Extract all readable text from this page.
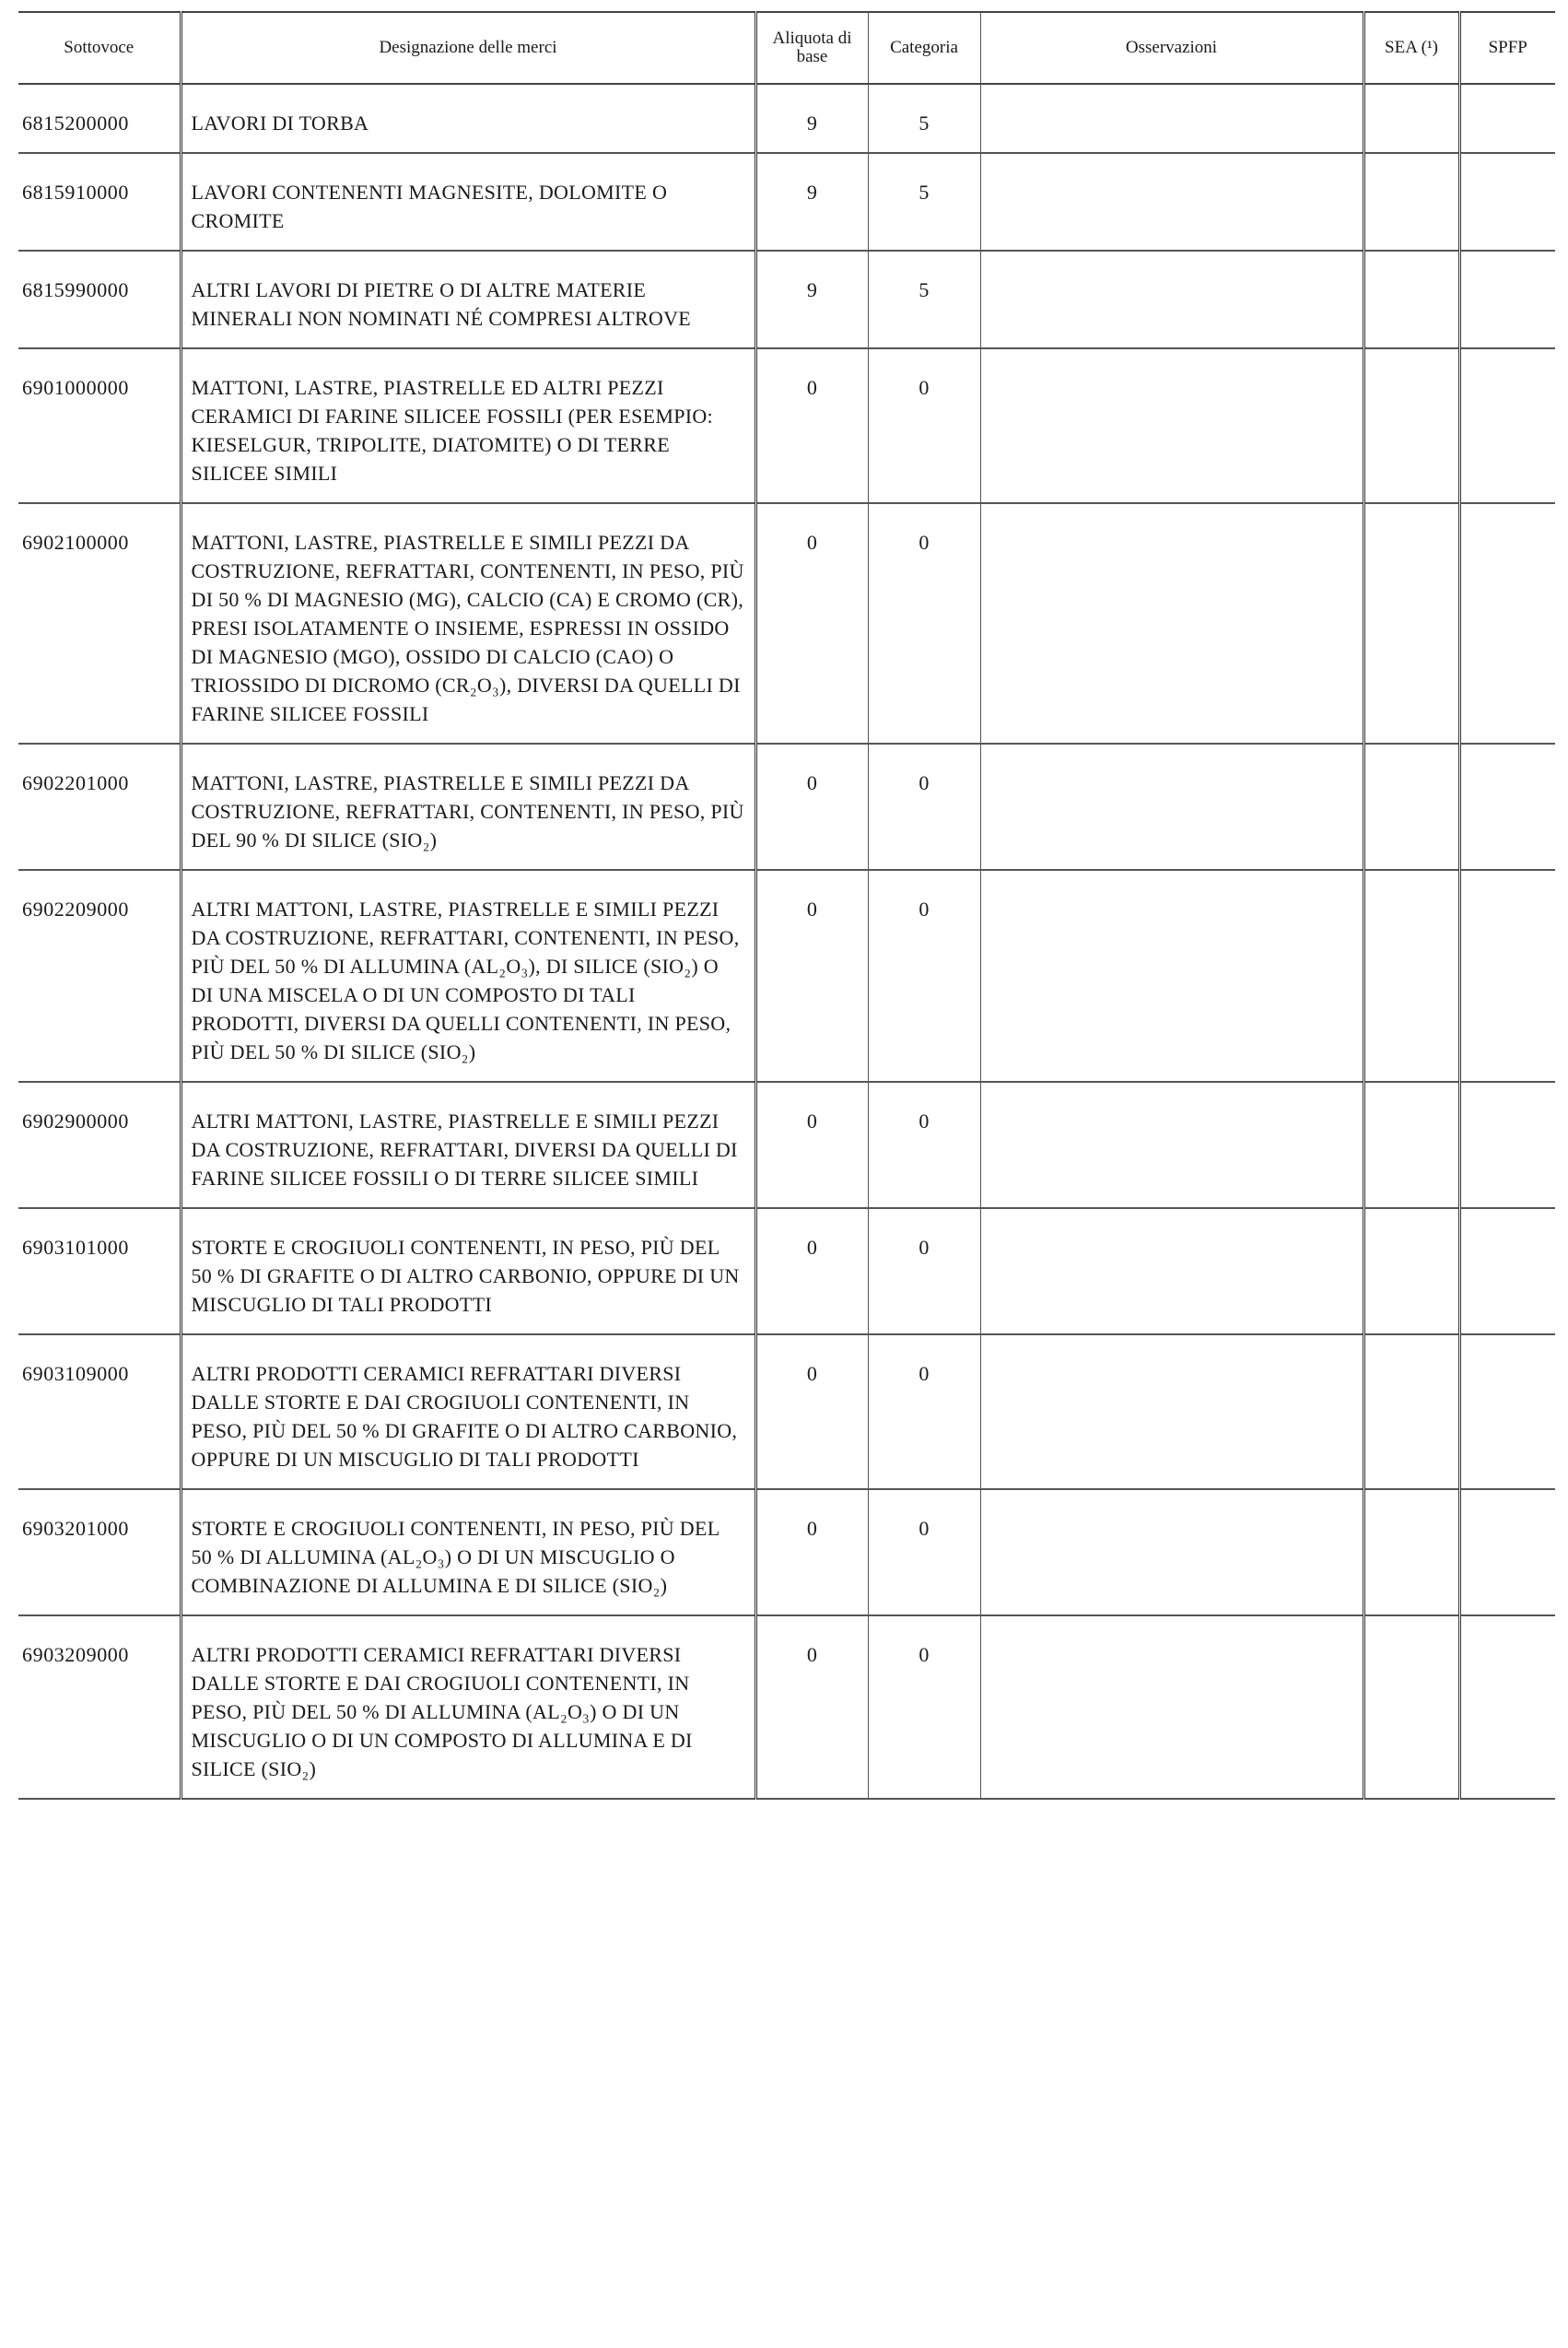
Sottovoce	Designazione delle merci	Aliquota di base	Categoria	Osservazioni	SEA (¹)	SPFP
6815200000	LAVORI DI TORBA	9	5			
6815910000	LAVORI CONTENENTI MAGNESITE, DOLOMITE O CROMITE	9	5			
6815990000	ALTRI LAVORI DI PIETRE O DI ALTRE MATERIE MINERALI NON NOMINATI NÉ COMPRESI ALTROVE	9	5			
6901000000	MATTONI, LASTRE, PIASTRELLE ED ALTRI PEZZI CERAMICI DI FARINE SILICEE FOSSILI (PER ESEMPIO: KIESELGUR, TRIPOLITE, DIATOMITE) O DI TERRE SILICEE SIMILI	0	0			
6902100000	MATTONI, LASTRE, PIASTRELLE E SIMILI PEZZI DA COSTRUZIONE, REFRATTARI, CONTENENTI, IN PESO, PIÙ DI 50 % DI MAGNESIO (MG), CALCIO (CA) E CROMO (CR), PRESI ISOLATAMENTE O INSIEME, ESPRESSI IN OSSIDO DI MAGNESIO (MGO), OSSIDO DI CALCIO (CAO) O TRIOSSIDO DI DICROMO (CR₂O₃), DIVERSI DA QUELLI DI FARINE SILICEE FOSSILI	0	0			
6902201000	MATTONI, LASTRE, PIASTRELLE E SIMILI PEZZI DA COSTRUZIONE, REFRATTARI, CONTENENTI, IN PESO, PIÙ DEL 90 % DI SILICE (SIO₂)	0	0			
6902209000	ALTRI MATTONI, LASTRE, PIASTRELLE E SIMILI PEZZI DA COSTRUZIONE, REFRATTARI, CONTENENTI, IN PESO, PIÙ DEL 50 % DI ALLUMINA (AL₂O₃), DI SILICE (SIO₂) O DI UNA MISCELA O DI UN COMPOSTO DI TALI PRODOTTI, DIVERSI DA QUELLI CONTENENTI, IN PESO, PIÙ DEL 50 % DI SILICE (SIO₂)	0	0			
6902900000	ALTRI MATTONI, LASTRE, PIASTRELLE E SIMILI PEZZI DA COSTRUZIONE, REFRATTARI, DIVERSI DA QUELLI DI FARINE SILICEE FOSSILI O DI TERRE SILICEE SIMILI	0	0			
6903101000	STORTE E CROGIUOLI CONTENENTI, IN PESO, PIÙ DEL 50 % DI GRAFITE O DI ALTRO CARBONIO, OPPURE DI UN MISCUGLIO DI TALI PRODOTTI	0	0			
6903109000	ALTRI PRODOTTI CERAMICI REFRATTARI DIVERSI DALLE STORTE E DAI CROGIUOLI CONTENENTI, IN PESO, PIÙ DEL 50 % DI GRAFITE O DI ALTRO CARBONIO, OPPURE DI UN MISCUGLIO DI TALI PRODOTTI	0	0			
6903201000	STORTE E CROGIUOLI CONTENENTI, IN PESO, PIÙ DEL 50 % DI ALLUMINA (AL₂O₃) O DI UN MISCUGLIO O COMBINAZIONE DI ALLUMINA E DI SILICE (SIO₂)	0	0			
6903209000	ALTRI PRODOTTI CERAMICI REFRATTARI DIVERSI DALLE STORTE E DAI CROGIUOLI CONTENENTI, IN PESO, PIÙ DEL 50 % DI ALLUMINA (AL₂O₃) O DI UN MISCUGLIO O DI UN COMPOSTO DI ALLUMINA E DI SILICE (SIO₂)	0	0			
